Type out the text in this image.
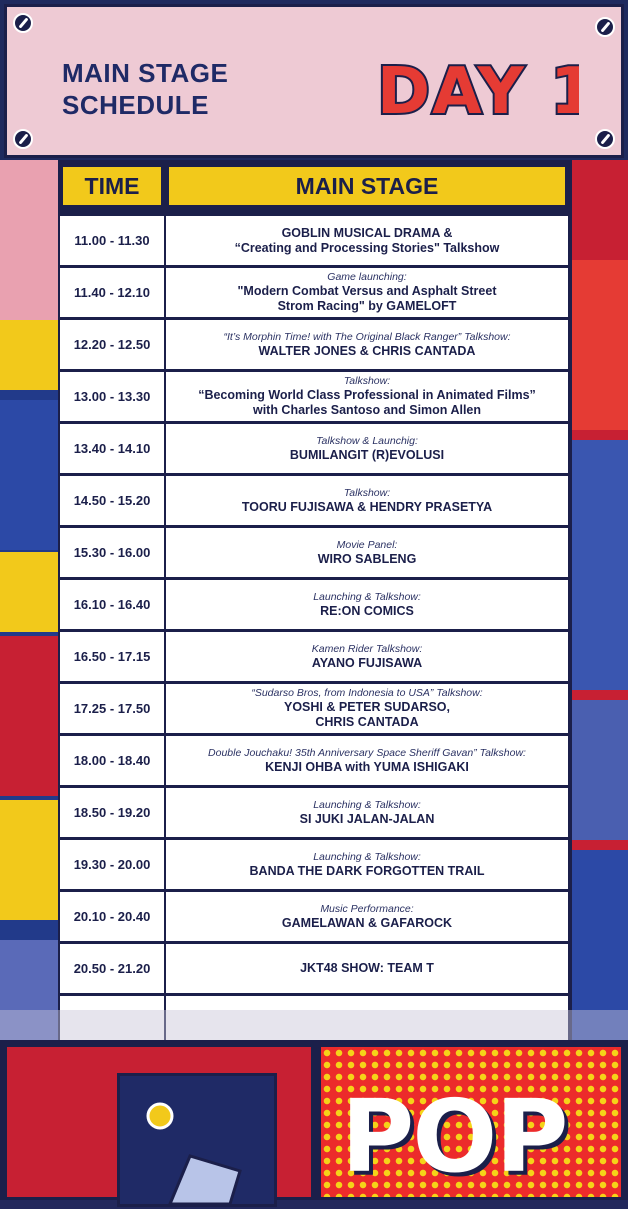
MAIN STAGE
SCHEDULE	DAY 1
TIME	MAIN STAGE
11.00 - 11.30
GOBLIN MUSICAL DRAMA &
“Creating and Processing Stories" Talkshow
11.40 - 12.10
Game launching:
"Modern Combat Versus and Asphalt Street
Strom Racing" by GAMELOFT
12.20 - 12.50
“It’s Morphin Time! with The Original Black Ranger” Talkshow:
WALTER JONES & CHRIS CANTADA
13.00 - 13.30
Talkshow:
“Becoming World Class Professional in Animated Films”
with Charles Santoso and Simon Allen
13.40 - 14.10
Talkshow & Launchig:
BUMILANGIT (R)EVOLUSI
14.50 - 15.20
Talkshow:
TOORU FUJISAWA & HENDRY PRASETYA
15.30 - 16.00
Movie Panel:
WIRO SABLENG
16.10 - 16.40
Launching & Talkshow:
RE:ON COMICS
16.50 - 17.15
Kamen Rider Talkshow:
AYANO FUJISAWA
17.25 - 17.50
“Sudarso Bros, from Indonesia to USA” Talkshow:
YOSHI & PETER SUDARSO,
CHRIS CANTADA
18.00 - 18.40
Double Jouchaku! 35th Anniversary Space Sheriff Gavan” Talkshow:
KENJI OHBA with YUMA ISHIGAKI
18.50 - 19.20
Launching & Talkshow:
SI JUKI JALAN-JALAN
19.30 - 20.00
Launching & Talkshow:
BANDA THE DARK FORGOTTEN TRAIL
20.10 - 20.40
Music Performance:
GAMELAWAN & GAFAROCK
20.50 - 21.20	JKT48 SHOW: TEAM T
POP
